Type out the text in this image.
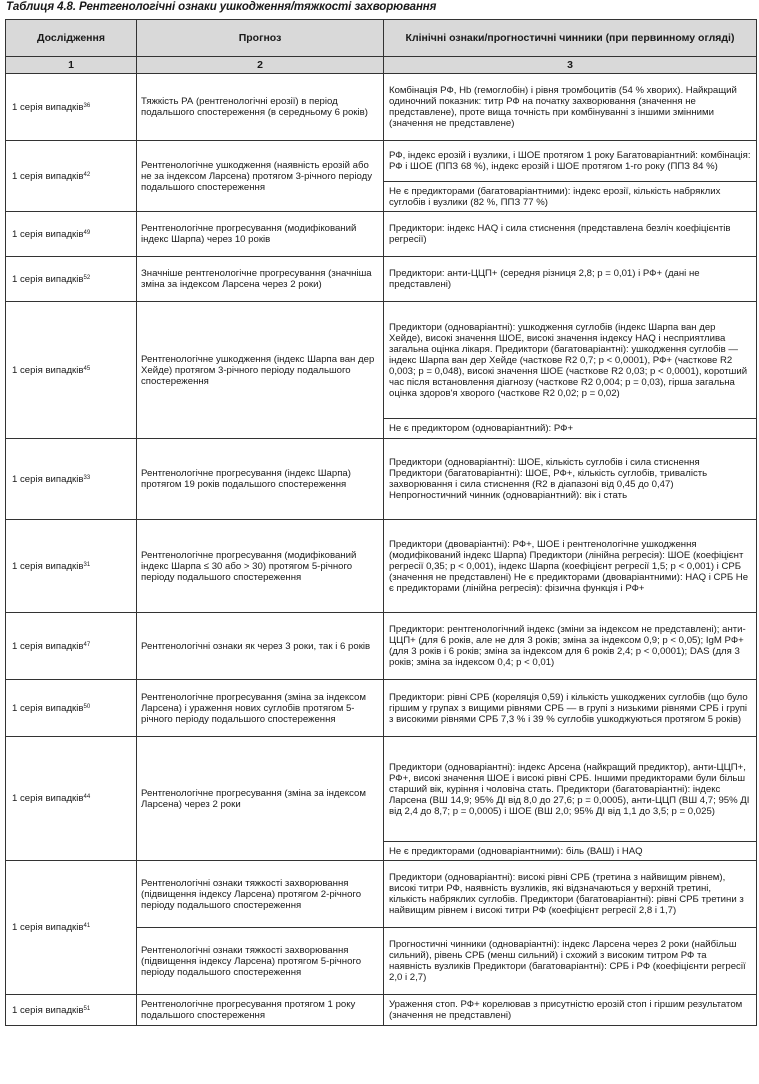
Таблиця 4.8. Рентгенологічні ознаки ушкодження/тяжкості захворювання
Дослідження	Прогноз	Клінічні ознаки/прогностичні чинники (при первинному огляді)
1	2	3
1 серія випадків$^{36}$	Тяжкість РА (рентгенологічні ерозії) в період подальшого спостереження (в середньому 6 років)	Комбінація РФ, Hb (гемоглобін) і рівня тромбоцитів (54 % хворих). Найкращий одиночний показник: титр РФ на початку захворювання (значення не представлене), проте вища точність при комбінуванні з іншими змінними (значення не представлене)
1 серія випадків$^{42}$	Рентгенологічне ушкодження (наявність ерозій або не за індексом Ларсена) протягом 3-річного періоду подальшого спостереження	РФ, індекс ерозій і вузлики, і ШОЕ протягом 1 року Багатоваріантний: комбінація: РФ і ШОЕ (ППЗ 68 %), індекс ерозій і ШОЕ протягом 1-го року (ППЗ 84 %)
		Не є предикторами (багатоваріантними): індекс ерозії, кількість набряклих суглобів і вузлики (82 %, ППЗ 77 %)
1 серія випадків$^{49}$	Рентгенологічне прогресування (модифікований індекс Шарпа) через 10 років	Предиктори: індекс HAQ і сила стиснення (представлена безліч коефіцієнтів регресії)
1 серія випадків$^{52}$	Значніше рентгенологічне прогресування (значніша зміна за індексом Ларсена через 2 роки)	Предиктори: анти-ЦЦП+ (середня різниця 2,8; p = 0,01) і РФ+ (дані не представлені)
1 серія випадків$^{45}$	Рентгенологічне ушкодження (індекс Шарпа ван дер Хейде) протягом 3-річного періоду подальшого спостереження	Предиктори (одноваріантні): ушкодження суглобів (індекс Шарпа ван дер Хейде), високі значення ШОЕ, високі значення індексу HAQ і несприятлива загальна оцінка лікаря. Предиктори (багатоваріантні): ушкодження суглобів — індекс Шарпа ван дер Хейде (часткове R2 0,7; p < 0,0001), РФ+ (часткове R2 0,003; p = 0,048), високі значення ШОЕ (часткове R2 0,03; p < 0,0001), коротший час після встановлення діагнозу (часткове R2 0,004; p = 0,03), гірша загальна оцінка здоров'я хворого (часткове R2 0,02; p = 0,02)
		Не є предиктором (одноваріантний): РФ+
1 серія випадків$^{33}$	Рентгенологічне прогресування (індекс Шарпа) протягом 19 років подальшого спостереження	Предиктори (одноваріантні): ШОЕ, кількість суглобів і сила стиснення Предиктори (багатоваріантні): ШОЕ, РФ+, кількість суглобів, тривалість захворювання і сила стиснення (R2 в діапазоні від 0,45 до 0,47) Непрогностичний чинник (одноваріантний): вік і стать
1 серія випадків$^{31}$	Рентгенологічне прогресування (модифікований індекс Шарпа ≤ 30 або > 30) протягом 5-річного періоду подальшого спостереження	Предиктори (двоваріантні): РФ+, ШОЕ і рентгенологічне ушкодження (модифікований індекс Шарпа) Предиктори (лінійна регресія): ШОЕ (коефіцієнт регресії 0,35; p < 0,001), індекс Шарпа (коефіцієнт регресії 1,5; p < 0,001) і СРБ (значення не представлені) Не є предикторами (двоваріантними): HAQ і СРБ Не є предикторами (лінійна регресія): фізична функція і РФ+
1 серія випадків$^{47}$	Рентгенологічні ознаки як через 3 роки, так і 6 років	Предиктори: рентгенологічний індекс (зміни за індексом не представлені); анти-ЦЦП+ (для 6 років, але не для 3 років; зміна за індексом 0,9; p < 0,05); IgM РФ+ (для 3 років і 6 років; зміна за індексом для 6 років 2,4; p < 0,0001); DAS (для 3 років; зміна за індексом 0,4; p < 0,01)
1 серія випадків$^{50}$	Рентгенологічне прогресування (зміна за індексом Ларсена) і ураження нових суглобів протягом 5-річного періоду подальшого спостереження	Предиктори: рівні СРБ (кореляція 0,59) і кількість ушкоджених суглобів (що було гіршим у групах з вищими рівнями СРБ — в групі з низькими рівнями СРБ і групі з високими рівнями СРБ 7,3 % і 39 % суглобів ушкоджуються протягом 5 років)
1 серія випадків$^{44}$	Рентгенологічне прогресування (зміна за індексом Ларсена) через 2 роки	Предиктори (одноваріантні): індекс Арсена (найкращий предиктор), анти-ЦЦП+, РФ+, високі значення ШОЕ і високі рівні СРБ. Іншими предикторами були більш старший вік, куріння і чоловіча стать. Предиктори (багатоваріантні): індекс Ларсена (ВШ 14,9; 95% ДІ від 8,0 до 27,6; p = 0,0005), анти-ЦЦП (ВШ 4,7; 95% ДІ від 2,4 до 8,7; p = 0,0005) і ШОЕ (ВШ 2,0; 95% ДІ від 1,1 до 3,5; p = 0,025)
		Не є предикторами (одноваріантними): біль (ВАШ) і HAQ
1 серія випадків$^{41}$	Рентгенологічні ознаки тяжкості захворювання (підвищення індексу Ларсена) протягом 2-річного періоду подальшого спостереження	Предиктори (одноваріантні): високі рівні СРБ (третина з найвищим рівнем), високі титри РФ, наявність вузликів, які відзначаються у верхній третині, кількість набряклих суглобів. Предиктори (багатоваріантні): рівні СРБ третини з найвищим рівнем і високі титри РФ (коефіцієнт регресії 2,8 і 1,7)
	Рентгенологічні ознаки тяжкості захворювання (підвищення індексу Ларсена) протягом 5-річного періоду подальшого спостереження	Прогностичні чинники (одноваріантні): індекс Ларсена через 2 роки (найбільш сильний), рівень СРБ (менш сильний) і схожий з високим титром РФ та наявність вузликів Предиктори (багатоваріантні): СРБ і РФ (коефіцієнти регресії 2,0 і 2,7)
1 серія випадків$^{51}$	Рентгенологічне прогресування протягом 1 року подальшого спостереження	Ураження стоп. РФ+ корелював з присутністю ерозій стоп і гіршим результатом (значення не представлені)
